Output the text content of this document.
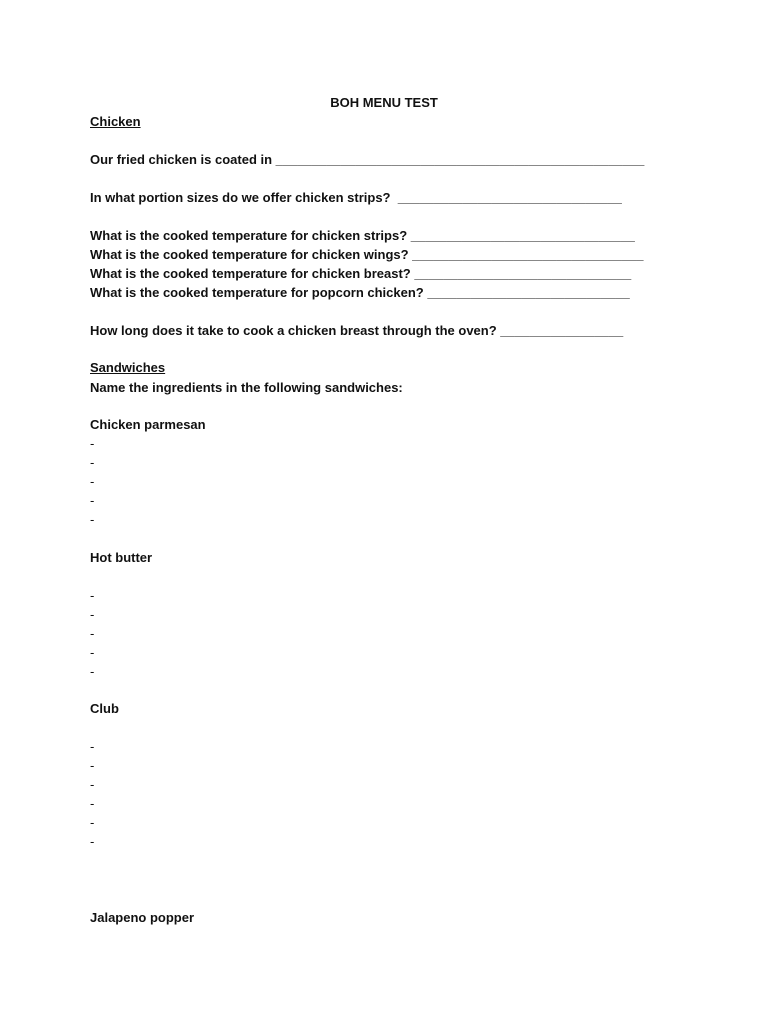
BOH MENU TEST
Chicken
Our fried chicken is coated in ___________________________________________________
In what portion sizes do we offer chicken strips?  _______________________________
What is the cooked temperature for chicken strips? _______________________________
What is the cooked temperature for chicken wings? ________________________________
What is the cooked temperature for chicken breast? ______________________________
What is the cooked temperature for popcorn chicken? ____________________________
How long does it take to cook a chicken breast through the oven? _________________
Sandwiches
Name the ingredients in the following sandwiches:
Chicken parmesan
-
-
-
-
-
Hot butter
-
-
-
-
-
Club
-
-
-
-
-
-
Jalapeno popper
